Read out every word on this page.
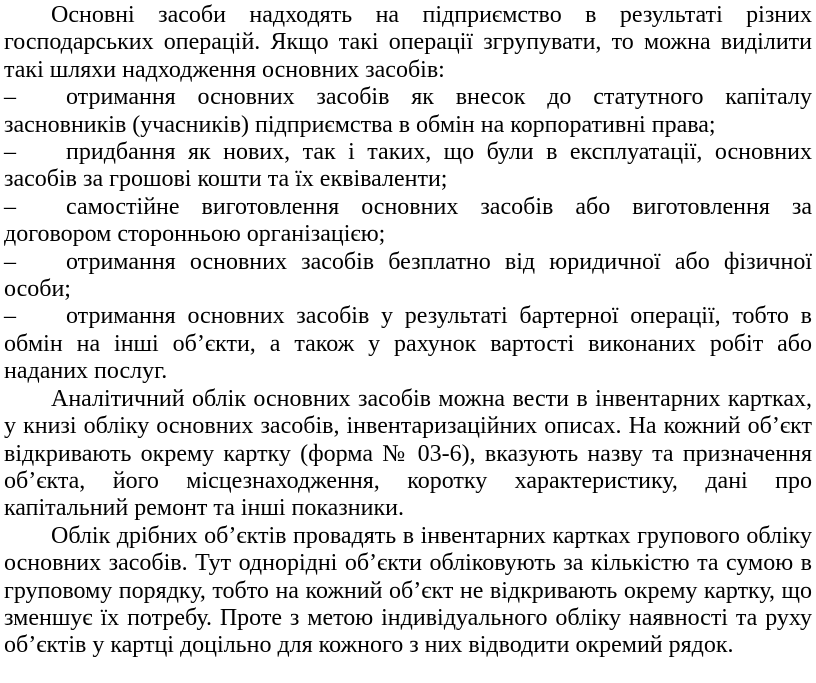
Основні засоби надходять на підприємство в результаті різних господарських операцій. Якщо такі операції згрупувати, то можна виділити такі шляхи надходження основних засобів:

– отримання основних засобів як внесок до статутного капіталу засновників (учасників) підприємства в обмін на корпоративні права;

– придбання як нових, так і таких, що були в експлуатації, основних засобів за грошові кошти та їх еквіваленти;

– самостійне виготовлення основних засобів або виготовлення за договором сторонньою організацією;

– отримання основних засобів безплатно від юридичної або фізичної особи;

– отримання основних засобів у результаті бартерної операції, тобто в обмін на інші об’єкти, а також у рахунок вартості виконаних робіт або наданих послуг.

Аналітичний облік основних засобів можна вести в інвентарних картках, у книзі обліку основних засобів, інвентаризаційних описах. На кожний об’єкт відкривають окрему картку (форма № 03-6), вказують назву та призначення об’єкта, його місцезнаходження, коротку характеристику, дані про капітальний ремонт та інші показники.

Облік дрібних об’єктів провадять в інвентарних картках групового обліку основних засобів. Тут однорідні об’єкти обліковують за кількістю та сумою в груповому порядку, тобто на кожний об’єкт не відкривають окрему картку, що зменшує їх потребу. Проте з метою індивідуального обліку наявності та руху об’єктів у картці доцільно для кожного з них відводити окремий рядок.
